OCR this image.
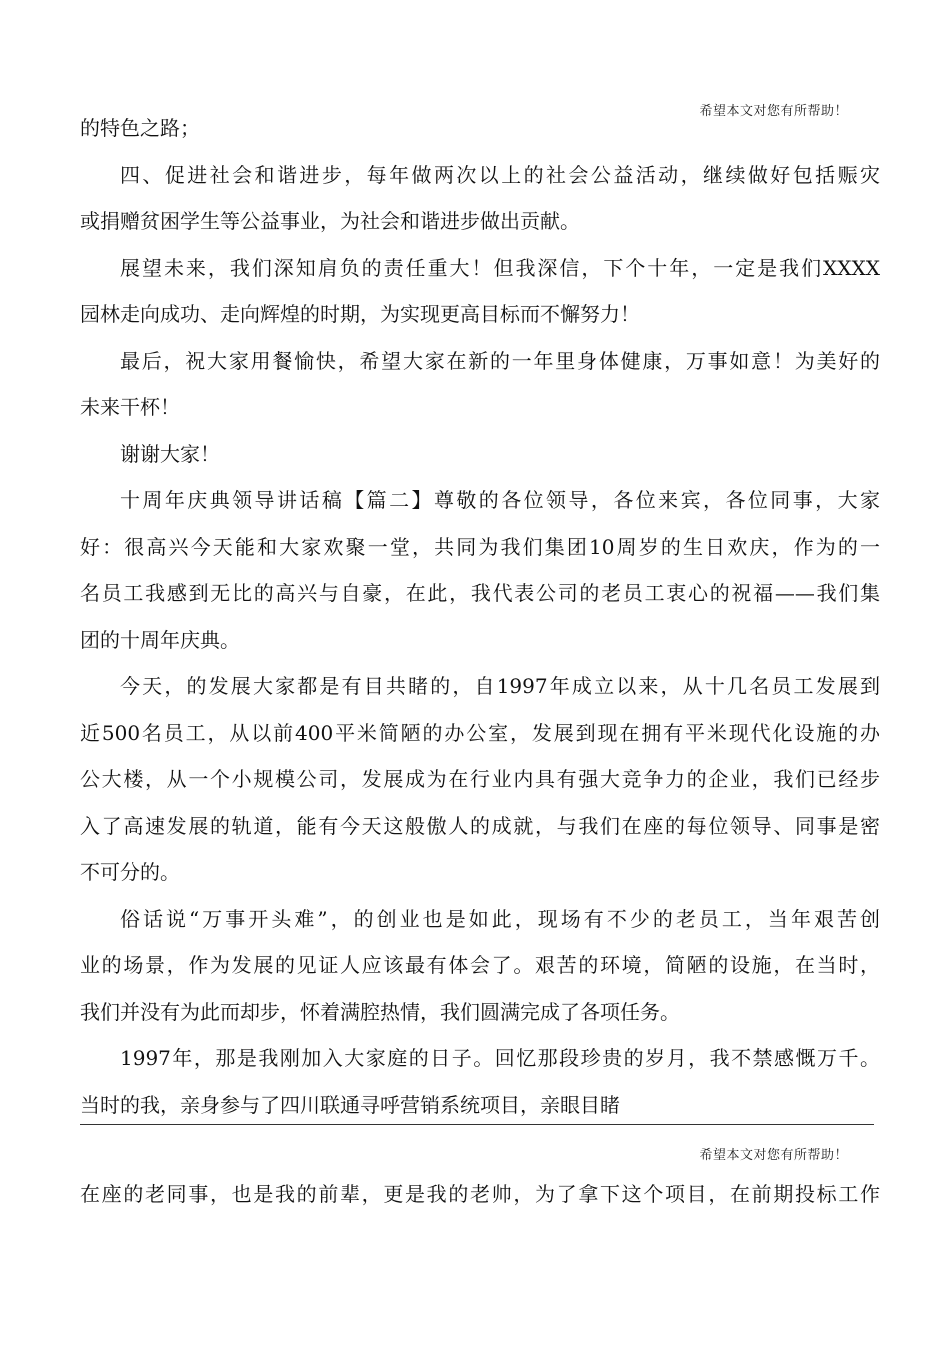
希望本文对您有所帮助！
的特色之路；
四、促进社会和谐进步，每年做两次以上的社会公益活动，继续做好包括赈灾
或捐赠贫困学生等公益事业，为社会和谐进步做出贡献。
展望未来，我们深知肩负的责任重大！但我深信，下个十年，一定是我们XXXX
园林走向成功、走向辉煌的时期，为实现更高目标而不懈努力！
最后，祝大家用餐愉快，希望大家在新的一年里身体健康，万事如意！为美好的
未来干杯！
谢谢大家！
十周年庆典领导讲话稿【篇二】尊敬的各位领导，各位来宾，各位同事，大家
好：很高兴今天能和大家欢聚一堂，共同为我们集团10周岁的生日欢庆，作为的一
名员工我感到无比的高兴与自豪，在此，我代表公司的老员工衷心的祝福——我们集
团的十周年庆典。
今天，的发展大家都是有目共睹的，自1997年成立以来，从十几名员工发展到
近500名员工，从以前400平米简陋的办公室，发展到现在拥有平米现代化设施的办
公大楼，从一个小规模公司，发展成为在行业内具有强大竞争力的企业，我们已经步
入了高速发展的轨道，能有今天这般傲人的成就，与我们在座的每位领导、同事是密
不可分的。
俗话说“万事开头难”，的创业也是如此，现场有不少的老员工，当年艰苦创
业的场景，作为发展的见证人应该最有体会了。艰苦的环境，简陋的设施，在当时，
我们并没有为此而却步，怀着满腔热情，我们圆满完成了各项任务。
1997年，那是我刚加入大家庭的日子。回忆那段珍贵的岁月，我不禁感慨万千。
当时的我，亲身参与了四川联通寻呼营销系统项目，亲眼目睹
希望本文对您有所帮助！
在座的老同事，也是我的前辈，更是我的老帅，为了拿下这个项目，在前期投标工作
